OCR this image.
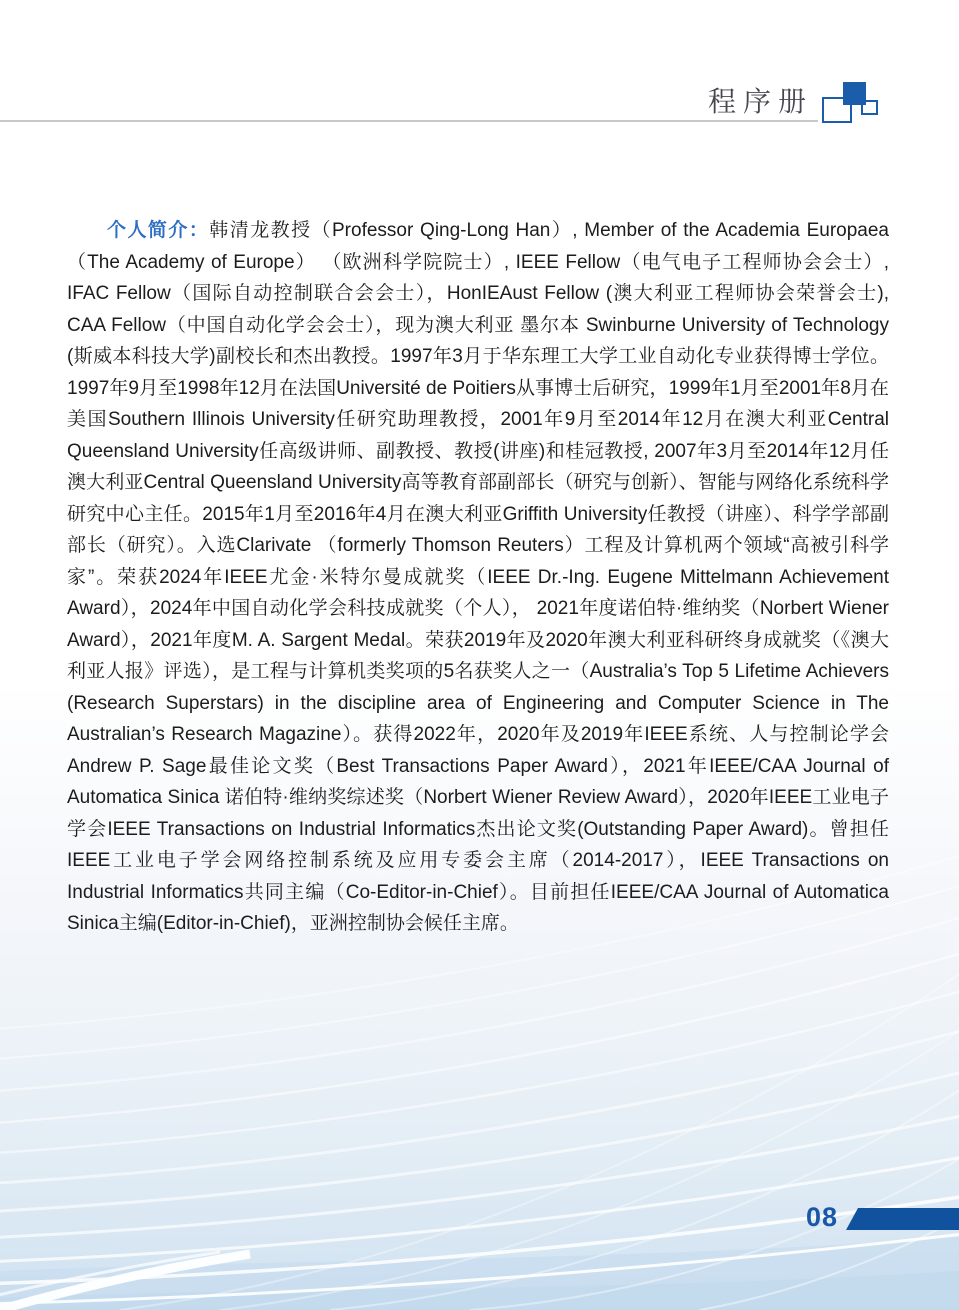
程序册

个人简介：韩清龙教授（Professor Qing-Long Han）, Member of the Academia Europaea（The Academy of Europe） （欧洲科学院院士）, IEEE Fellow（电气电子工程师协会会士）, IFAC Fellow（国际自动控制联合会会士），HonIEAust Fellow (澳大利亚工程师协会荣誉会士), CAA Fellow（中国自动化学会会士），现为澳大利亚 墨尔本 Swinburne University of Technology (斯威本科技大学)副校长和杰出教授。1997年3月于华东理工大学工业自动化专业获得博士学位。1997年9月至1998年12月在法国Université de Poitiers从事博士后研究，1999年1月至2001年8月在美国Southern Illinois University任研究助理教授，2001年9月至2014年12月在澳大利亚Central Queensland University任高级讲师、副教授、教授(讲座)和桂冠教授, 2007年3月至2014年12月任澳大利亚Central Queensland University高等教育部副部长（研究与创新）、智能与网络化系统科学研究中心主任。2015年1月至2016年4月在澳大利亚Griffith University任教授（讲座）、科学学部副部长（研究）。入选Clarivate （formerly Thomson Reuters）工程及计算机两个领域“高被引科学家”。荣获2024年IEEE尤金·米特尔曼成就奖（IEEE Dr.-Ing. Eugene Mittelmann Achievement Award），2024年中国自动化学会科技成就奖（个人）， 2021年度诺伯特·维纳奖（Norbert Wiener Award），2021年度M. A. Sargent Medal。荣获2019年及2020年澳大利亚科研终身成就奖（《澳大利亚人报》评选），是工程与计算机类奖项的5名获奖人之一（Australia’s Top 5 Lifetime Achievers (Research Superstars) in the discipline area of Engineering and Computer Science in The Australian’s Research Magazine）。获得2022年，2020年及2019年IEEE系统、人与控制论学会Andrew P. Sage最佳论文奖（Best Transactions Paper Award），2021年IEEE/CAA Journal of Automatica Sinica 诺伯特·维纳奖综述奖（Norbert Wiener Review Award），2020年IEEE工业电子学会IEEE Transactions on Industrial Informatics杰出论文奖(Outstanding Paper Award)。曾担任IEEE工业电子学会网络控制系统及应用专委会主席（2014-2017），IEEE Transactions on Industrial Informatics共同主编（Co-Editor-in-Chief）。目前担任IEEE/CAA Journal of Automatica Sinica主编(Editor-in-Chief)，亚洲控制协会候任主席。

08
